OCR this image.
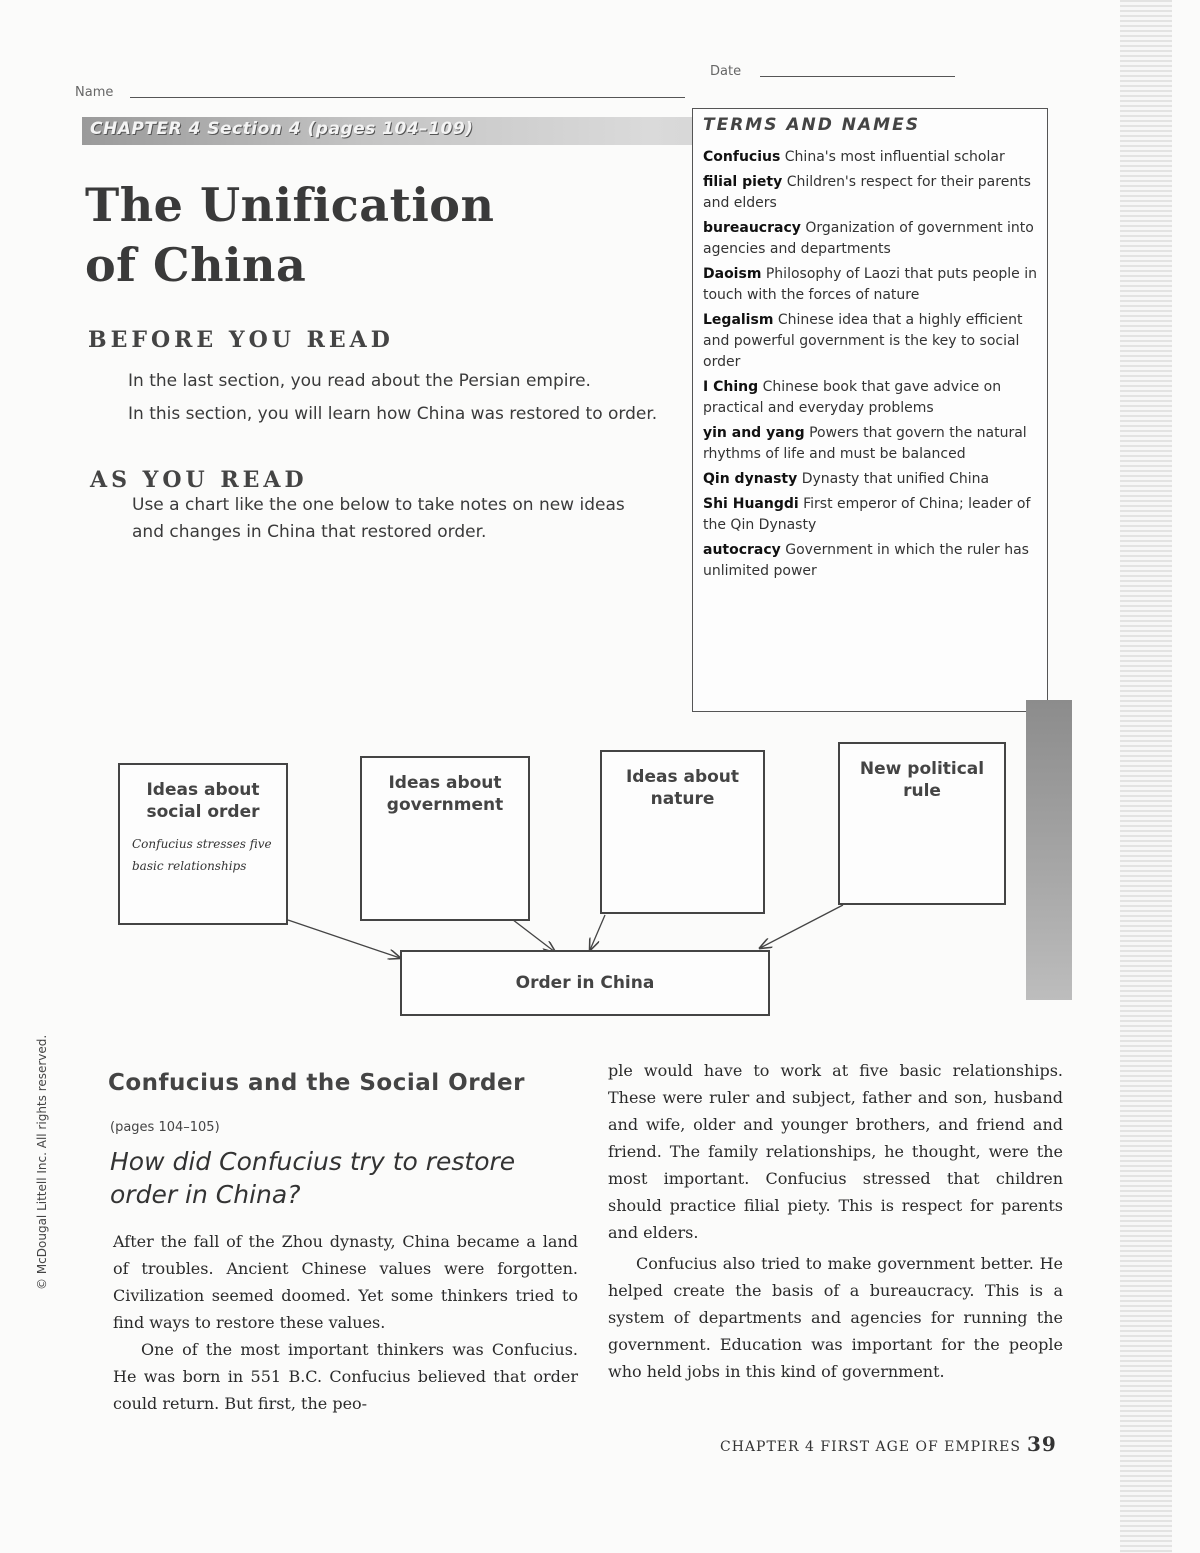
Name
Date
CHAPTER 4 Section 4 (pages 104–109)
The Unification
of China
BEFORE YOU READ
In the last section, you read about the Persian empire.
In this section, you will learn how China was restored to order.
AS YOU READ
Use a chart like the one below to take notes on new ideas and changes in China that restored order.
TERMS AND NAMES
Confucius China's most influential scholar
filial piety Children's respect for their parents and elders
bureaucracy Organization of government into agencies and departments
Daoism Philosophy of Laozi that puts people in touch with the forces of nature
Legalism Chinese idea that a highly efficient and powerful government is the key to social order
I Ching Chinese book that gave advice on practical and everyday problems
yin and yang Powers that govern the natural rhythms of life and must be balanced
Qin dynasty Dynasty that unified China
Shi Huangdi First emperor of China; leader of the Qin Dynasty
autocracy Government in which the ruler has unlimited power
Ideas about social order
Confucius stresses five basic relationships
Ideas about government
Ideas about nature
New political rule
Order in China
Confucius and the Social Order
(pages 104–105)
How did Confucius try to restore order in China?

After the fall of the Zhou dynasty, China became a land of troubles. Ancient Chinese values were forgotten. Civilization seemed doomed. Yet some thinkers tried to find ways to restore these values.

One of the most important thinkers was Confucius. He was born in 551 B.C. Confucius believed that order could return. But first, the peo-

ple would have to work at five basic relationships. These were ruler and subject, father and son, husband and wife, older and younger brothers, and friend and friend. The family relationships, he thought, were the most important. Confucius stressed that children should practice filial piety. This is respect for parents and elders.

Confucius also tried to make government better. He helped create the basis of a bureaucracy. This is a system of departments and agencies for running the government. Education was important for the people who held jobs in this kind of government.

CHAPTER 4 FIRST AGE OF EMPIRES 39
© McDougal Littell Inc. All rights reserved.
